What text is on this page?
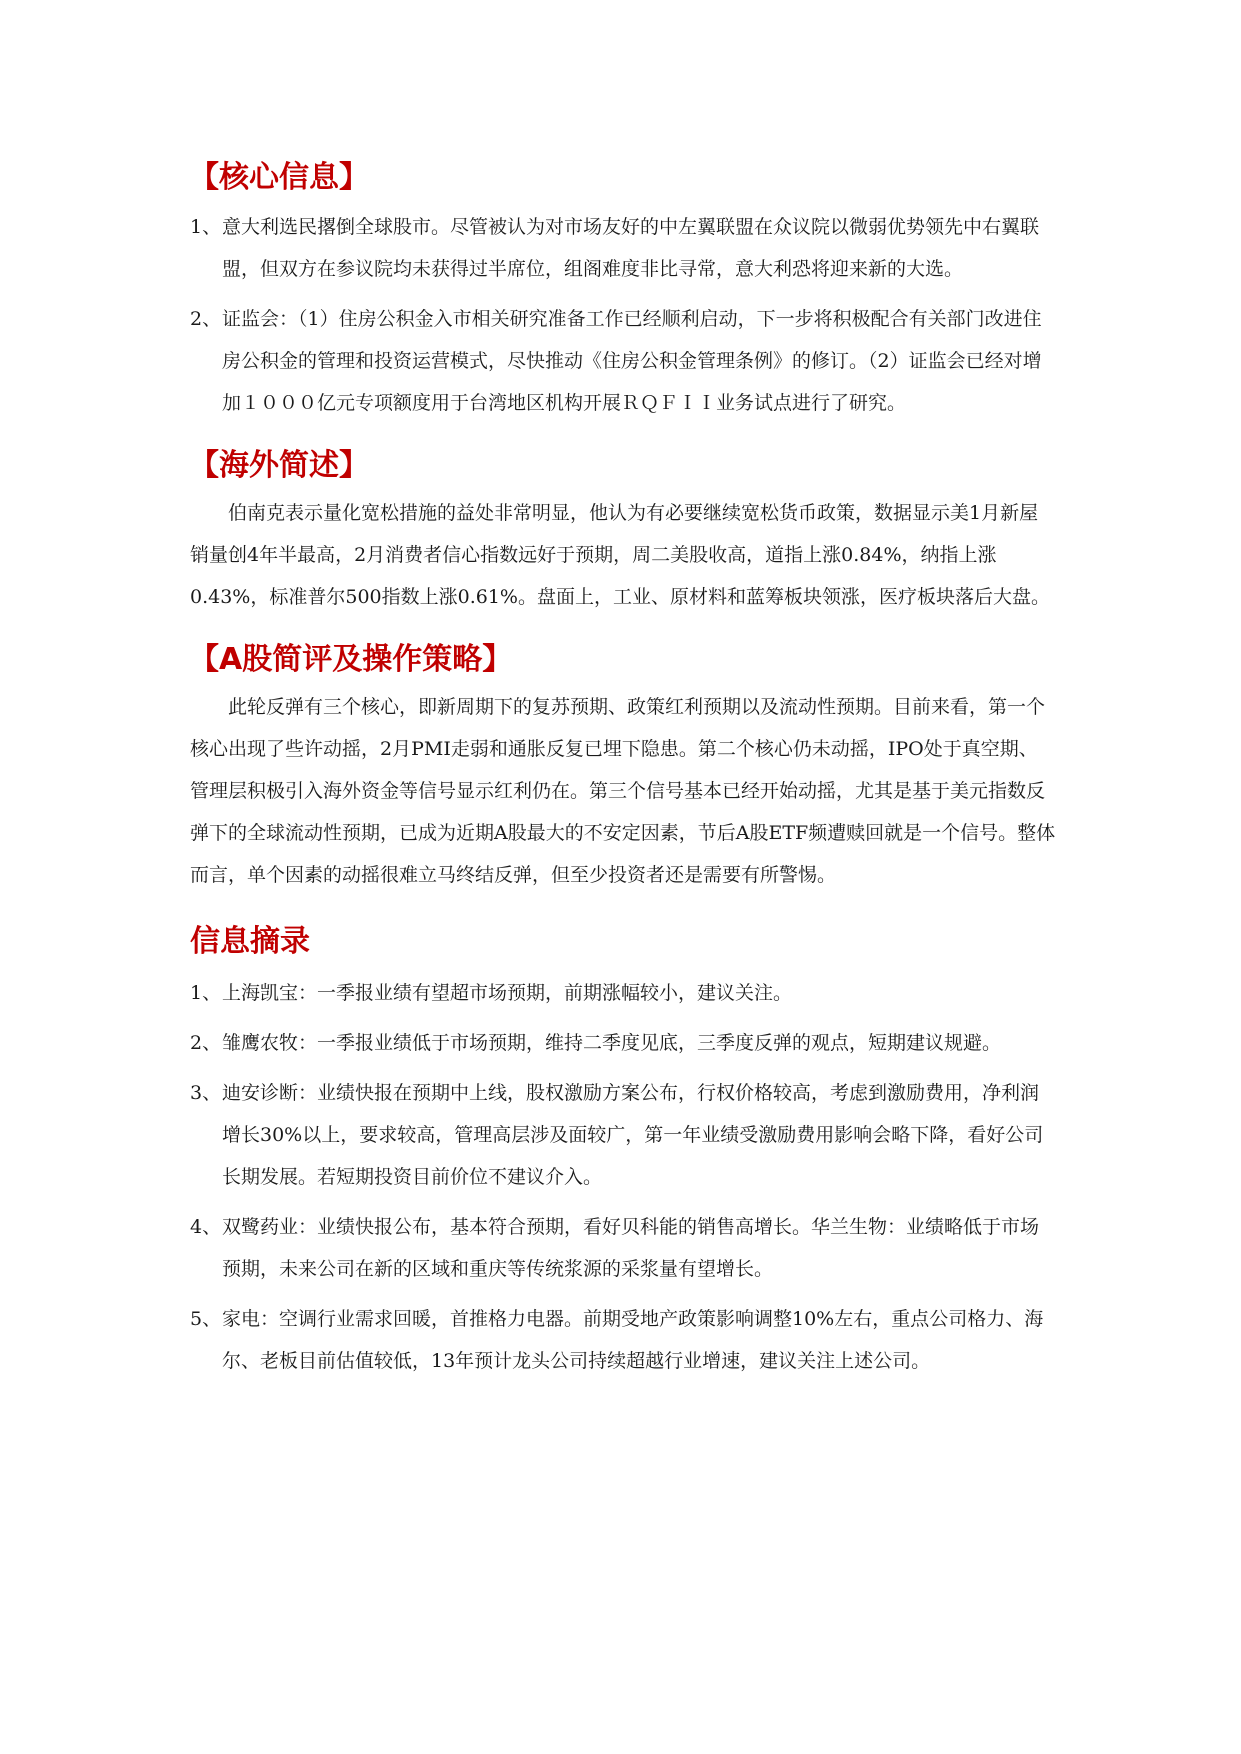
【核心信息】
1、 意大利选民撂倒全球股市。尽管被认为对市场友好的中左翼联盟在众议院以微弱优势领先中右翼联盟，但双方在参议院均未获得过半席位，组阁难度非比寻常，意大利恐将迎来新的大选。
2、 证监会：（1）住房公积金入市相关研究准备工作已经顺利启动，下一步将积极配合有关部门改进住房公积金的管理和投资运营模式，尽快推动《住房公积金管理条例》的修订。（2）证监会已经对增加１０００亿元专项额度用于台湾地区机构开展ＲＱＦＩＩ业务试点进行了研究。
【海外简述】

伯南克表示量化宽松措施的益处非常明显，他认为有必要继续宽松货币政策，数据显示美1月新屋销量创4年半最高，2月消费者信心指数远好于预期，周二美股收高，道指上涨0.84%，纳指上涨0.43%，标准普尔500指数上涨0.61%。盘面上，工业、原材料和蓝筹板块领涨，医疗板块落后大盘。

【A股简评及操作策略】

此轮反弹有三个核心，即新周期下的复苏预期、政策红利预期以及流动性预期。目前来看，第一个核心出现了些许动摇，2月PMI走弱和通胀反复已埋下隐患。第二个核心仍未动摇，IPO处于真空期、管理层积极引入海外资金等信号显示红利仍在。第三个信号基本已经开始动摇，尤其是基于美元指数反弹下的全球流动性预期，已成为近期A股最大的不安定因素，节后A股ETF频遭赎回就是一个信号。整体而言，单个因素的动摇很难立马终结反弹，但至少投资者还是需要有所警惕。

信息摘录
1、 上海凯宝：一季报业绩有望超市场预期，前期涨幅较小，建议关注。
2、 雏鹰农牧：一季报业绩低于市场预期，维持二季度见底，三季度反弹的观点，短期建议规避。
3、 迪安诊断：业绩快报在预期中上线，股权激励方案公布，行权价格较高，考虑到激励费用，净利润增长30%以上，要求较高，管理高层涉及面较广，第一年业绩受激励费用影响会略下降，看好公司长期发展。若短期投资目前价位不建议介入。
4、 双鹭药业：业绩快报公布，基本符合预期，看好贝科能的销售高增长。华兰生物：业绩略低于市场预期，未来公司在新的区域和重庆等传统浆源的采浆量有望增长。
5、 家电：空调行业需求回暖，首推格力电器。前期受地产政策影响调整10%左右，重点公司格力、海尔、老板目前估值较低，13年预计龙头公司持续超越行业增速，建议关注上述公司。
